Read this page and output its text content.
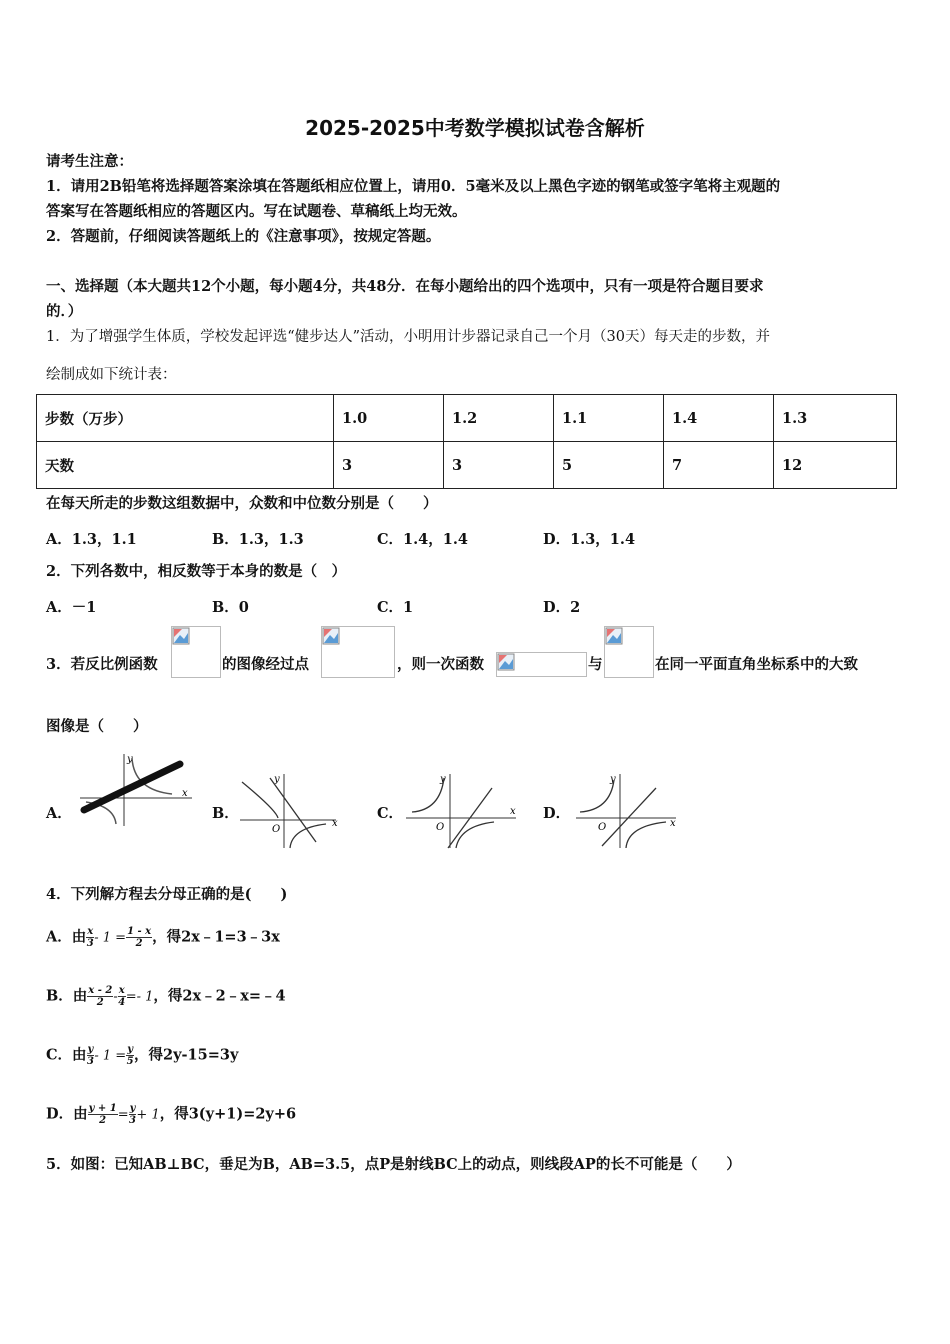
2025-2025中考数学模拟试卷含解析
请考生注意：
1．请用2B铅笔将选择题答案涂填在答题纸相应位置上，请用0．5毫米及以上黑色字迹的钢笔或签字笔将主观题的
答案写在答题纸相应的答题区内。写在试题卷、草稿纸上均无效。
2．答题前，仔细阅读答题纸上的《注意事项》，按规定答题。
一、选择题（本大题共12个小题，每小题4分，共48分．在每小题给出的四个选项中，只有一项是符合题目要求
的．）
1．为了增强学生体质，学校发起评选“健步达人”活动，小明用计步器记录自己一个月（30天）每天走的步数，并
绘制成如下统计表：
步数（万步）	1.0	1.2	1.1	1.4	1.3
天数	3	3	5	7	12
在每天所走的步数这组数据中，众数和中位数分别是（　　）
A．1.3，1.1	B．1.3，1.3	C．1.4，1.4	D．1.3，1.4
2．下列各数中，相反数等于本身的数是（　）
A．－1	B．0	C．1	D．2
3．若反比例函数	的图像经过点	，则一次函数	与	在同一平面直角坐标系中的大致
图像是（　　）
A．
x
y
B．
x
y
O
C．	x
y
O
D．
x
y
O
4．下列解方程去分母正确的是(　　)
A．由 $\frac{x}{3} - 1 = \frac{1 - x}{2}$ ，得2x﹣1=3﹣3x
B．由 $\frac{x - 2}{2} - \frac{x}{4} =- 1$，得2x﹣2﹣x=﹣4
C．由 $\frac{y}{3} - 1 = \frac{y}{5}$ ，得2y-15=3y
D．由 $\frac{y + 1}{2} = \frac{y}{3} + 1$，得3(y+1)=2y+6
5．如图：已知AB⊥BC，垂足为B，AB=3.5，点P是射线BC上的动点，则线段AP的长不可能是（　　）
